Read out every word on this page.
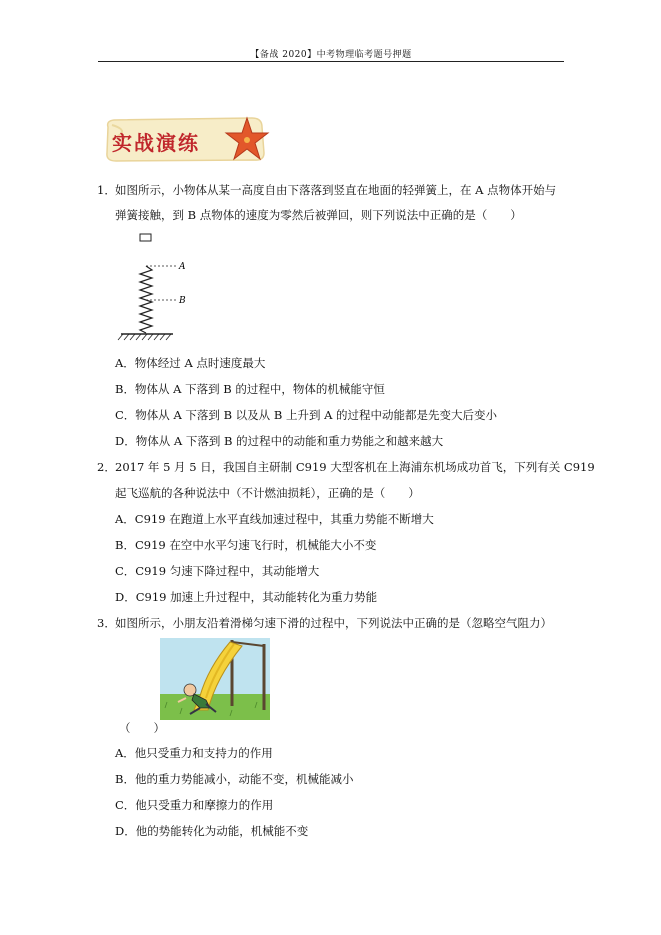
【备战 2020】中考物理临考题号押题
实战演练
1． 如图所示，小物体从某一高度自由下落落到竖直在地面的轻弹簧上，在 A 点物体开始与
弹簧接触，到 B 点物体的速度为零然后被弹回，则下列说法中正确的是（　　）
A
B
A．物体经过 A 点时速度最大
B．物体从 A 下落到 B 的过程中，物体的机械能守恒
C．物体从 A 下落到 B 以及从 B 上升到 A 的过程中动能都是先变大后变小
D．物体从 A 下落到 B 的过程中的动能和重力势能之和越来越大
2． 2017 年 5 月 5 日，我国自主研制 C919 大型客机在上海浦东机场成功首飞，下列有关 C919
起飞巡航的各种说法中（不计燃油损耗），正确的是（　　）
A．C919 在跑道上水平直线加速过程中，其重力势能不断增大
B．C919 在空中水平匀速飞行时，机械能大小不变
C．C919 匀速下降过程中，其动能增大
D．C919 加速上升过程中，其动能转化为重力势能
3． 如图所示，小朋友沿着滑梯匀速下滑的过程中，下列说法中正确的是（忽略空气阻力）
（　　）
A．他只受重力和支持力的作用
B．他的重力势能减小，动能不变，机械能减小
C．他只受重力和摩擦力的作用
D．他的势能转化为动能，机械能不变
